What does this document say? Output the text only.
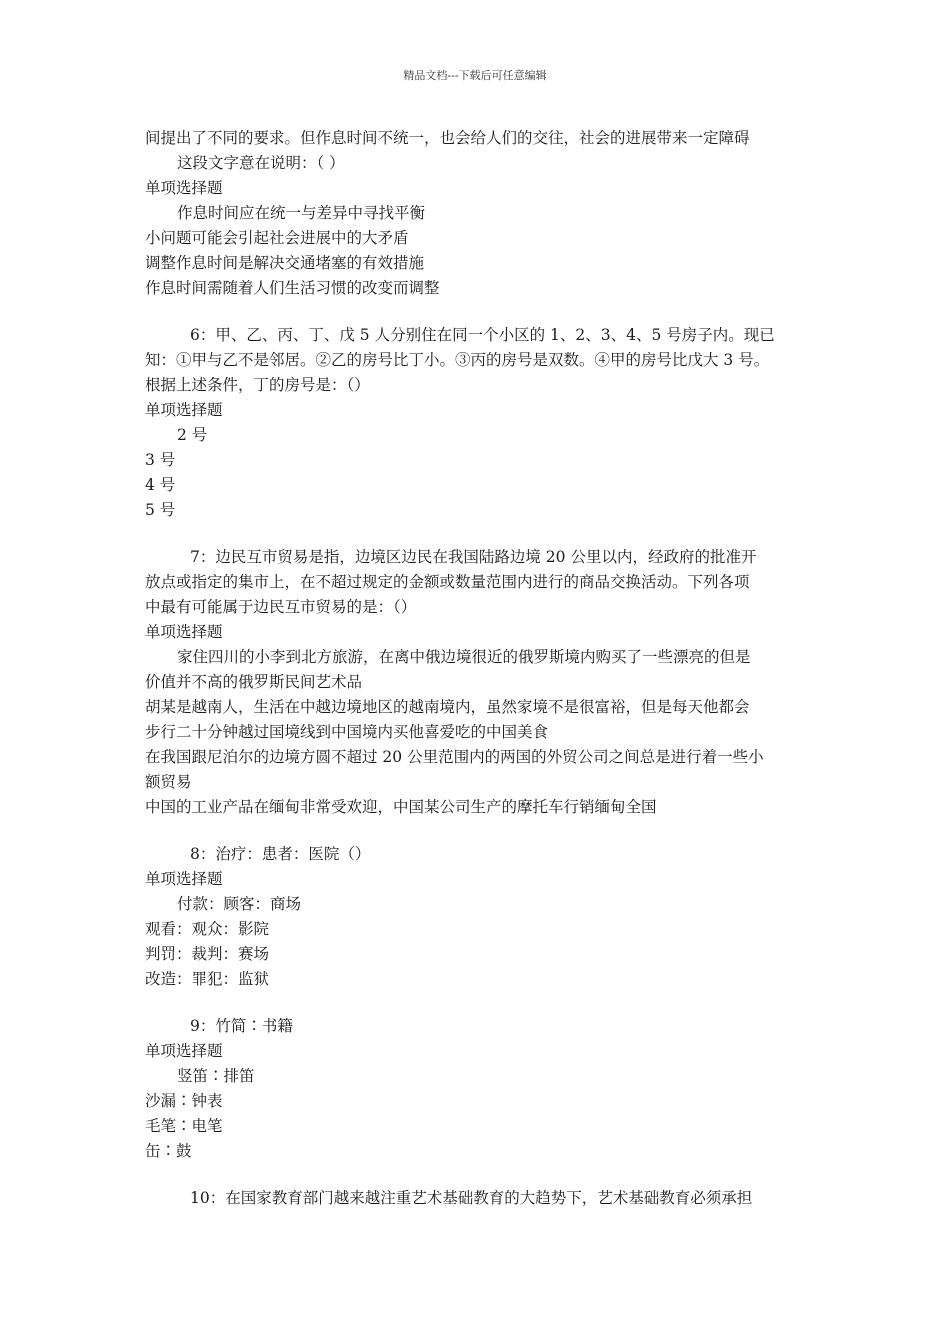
精品文档---下载后可任意编辑
间提出了不同的要求。但作息时间不统一，也会给人们的交往，社会的进展带来一定障碍
这段文字意在说明：（ ）
单项选择题
作息时间应在统一与差异中寻找平衡
小问题可能会引起社会进展中的大矛盾
调整作息时间是解决交通堵塞的有效措施
作息时间需随着人们生活习惯的改变而调整
6：甲、乙、丙、丁、戊 5 人分别住在同一个小区的 1、2、3、4、5 号房子内。现已
知：①甲与乙不是邻居。②乙的房号比丁小。③丙的房号是双数。④甲的房号比戊大 3 号。
根据上述条件，丁的房号是：（）
单项选择题
2 号
3 号
4 号
5 号
7：边民互市贸易是指，边境区边民在我国陆路边境 20 公里以内，经政府的批准开
放点或指定的集市上，在不超过规定的金额或数量范围内进行的商品交换活动。下列各项
中最有可能属于边民互市贸易的是：（）
单项选择题
家住四川的小李到北方旅游，在离中俄边境很近的俄罗斯境内购买了一些漂亮的但是
价值并不高的俄罗斯民间艺术品
胡某是越南人，生活在中越边境地区的越南境内，虽然家境不是很富裕，但是每天他都会
步行二十分钟越过国境线到中国境内买他喜爱吃的中国美食
在我国跟尼泊尔的边境方圆不超过 20 公里范围内的两国的外贸公司之间总是进行着一些小
额贸易
中国的工业产品在缅甸非常受欢迎，中国某公司生产的摩托车行销缅甸全国
8：治疗：患者：医院（）
单项选择题
付款：顾客：商场
观看：观众：影院
判罚：裁判：赛场
改造：罪犯：监狱
9：竹简∶书籍
单项选择题
竖笛∶排笛
沙漏∶钟表
毛笔∶电笔
缶∶鼓
10：在国家教育部门越来越注重艺术基础教育的大趋势下，艺术基础教育必须承担
